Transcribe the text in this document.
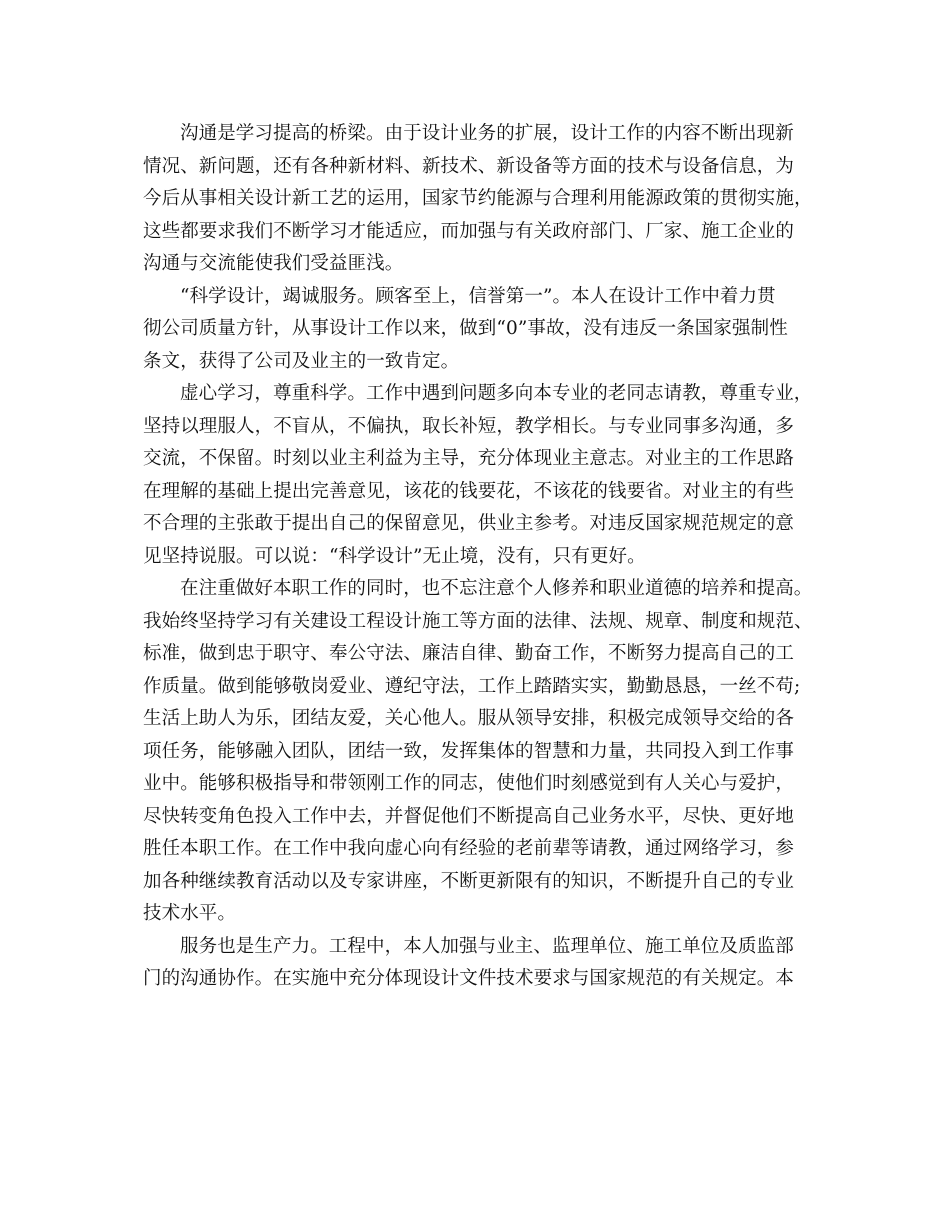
沟通是学习提高的桥梁。由于设计业务的扩展，设计工作的内容不断出现新
情况、新问题，还有各种新材料、新技术、新设备等方面的技术与设备信息，为
今后从事相关设计新工艺的运用，国家节约能源与合理利用能源政策的贯彻实施，
这些都要求我们不断学习才能适应，而加强与有关政府部门、厂家、施工企业的
沟通与交流能使我们受益匪浅。

“科学设计，竭诚服务。顾客至上，信誉第一”。本人在设计工作中着力贯
彻公司质量方针，从事设计工作以来，做到“0”事故，没有违反一条国家强制性
条文，获得了公司及业主的一致肯定。

虚心学习，尊重科学。工作中遇到问题多向本专业的老同志请教，尊重专业，
坚持以理服人，不盲从，不偏执，取长补短，教学相长。与专业同事多沟通，多
交流，不保留。时刻以业主利益为主导，充分体现业主意志。对业主的工作思路
在理解的基础上提出完善意见，该花的钱要花，不该花的钱要省。对业主的有些
不合理的主张敢于提出自己的保留意见，供业主参考。对违反国家规范规定的意
见坚持说服。可以说：“科学设计”无止境，没有，只有更好。

在注重做好本职工作的同时，也不忘注意个人修养和职业道德的培养和提高。
我始终坚持学习有关建设工程设计施工等方面的法律、法规、规章、制度和规范、
标准，做到忠于职守、奉公守法、廉洁自律、勤奋工作，不断努力提高自己的工
作质量。做到能够敬岗爱业、遵纪守法，工作上踏踏实实，勤勤恳恳，一丝不苟;
生活上助人为乐，团结友爱，关心他人。服从领导安排，积极完成领导交给的各
项任务，能够融入团队，团结一致，发挥集体的智慧和力量，共同投入到工作事
业中。能够积极指导和带领刚工作的同志，使他们时刻感觉到有人关心与爱护，
尽快转变角色投入工作中去，并督促他们不断提高自己业务水平，尽快、更好地
胜任本职工作。在工作中我向虚心向有经验的老前辈等请教，通过网络学习，参
加各种继续教育活动以及专家讲座，不断更新限有的知识，不断提升自己的专业
技术水平。

服务也是生产力。工程中，本人加强与业主、监理单位、施工单位及质监部
门的沟通协作。在实施中充分体现设计文件技术要求与国家规范的有关规定。本
